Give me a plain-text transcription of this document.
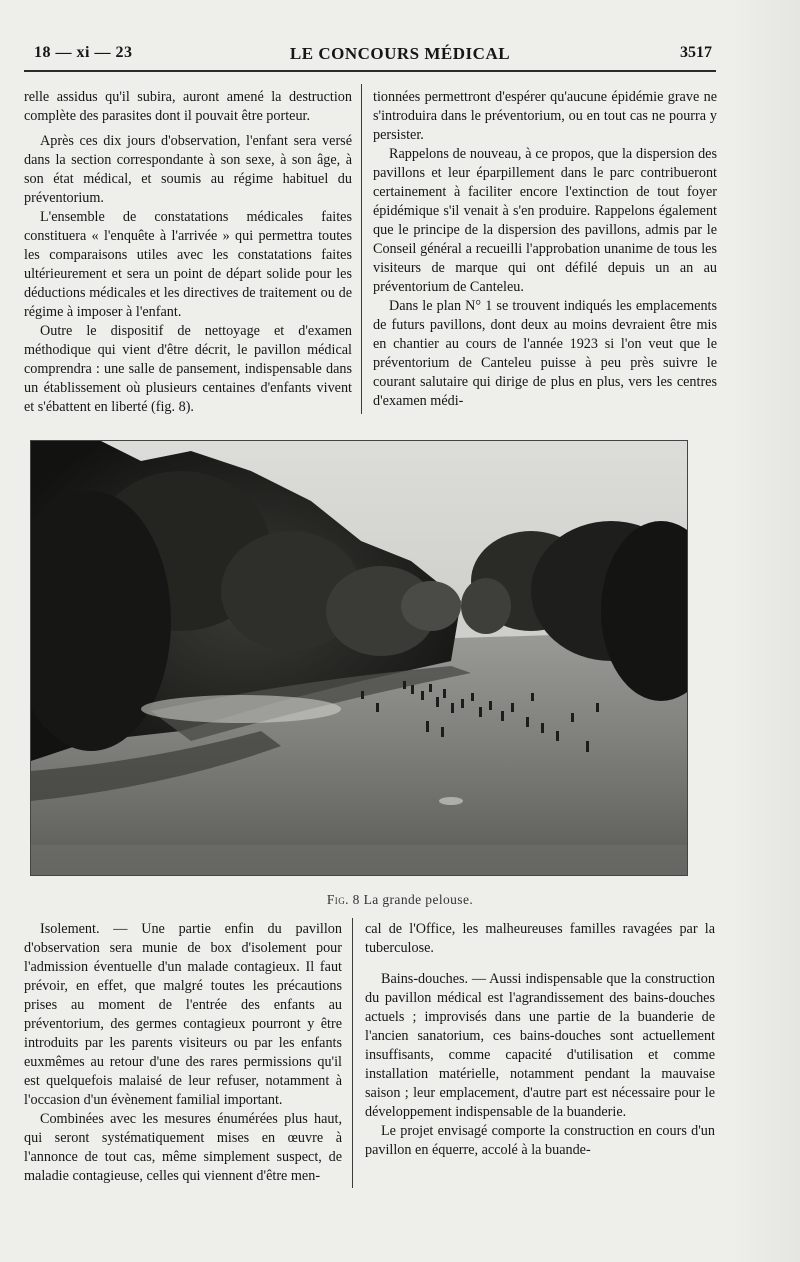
18 — xi — 23	LE CONCOURS MÉDICAL	3517

relle assidus qu'il subira, auront amené la destruction complète des parasites dont il pouvait être porteur.

Après ces dix jours d'observation, l'enfant sera versé dans la section correspondante à son sexe, à son âge, à son état médical, et soumis au régime habituel du préventorium.

L'ensemble de constatations médicales faites constituera « l'enquête à l'arrivée » qui permettra toutes les comparaisons utiles avec les constatations faites ultérieurement et sera un point de départ solide pour les déductions médicales et les directives de traitement ou de régime à imposer à l'enfant.

Outre le dispositif de nettoyage et d'examen méthodique qui vient d'être décrit, le pavillon médical comprendra : une salle de pansement, indispensable dans un établissement où plusieurs centaines d'enfants vivent et s'ébattent en liberté (fig. 8).

tionnées permettront d'espérer qu'aucune épidémie grave ne s'introduira dans le préventorium, ou en tout cas ne pourra y persister.

Rappelons de nouveau, à ce propos, que la dispersion des pavillons et leur éparpillement dans le parc contribueront certainement à faciliter encore l'extinction de tout foyer épidémique s'il venait à s'en produire. Rappelons également que le principe de la dispersion des pavillons, admis par le Conseil général a recueilli l'approbation unanime de tous les visiteurs de marque qui ont défilé depuis un an au préventorium de Canteleu.

Dans le plan N° 1 se trouvent indiqués les emplacements de futurs pavillons, dont deux au moins devraient être mis en chantier au cours de l'année 1923 si l'on veut que le préventorium de Canteleu puisse à peu près suivre le courant salutaire qui dirige de plus en plus, vers les centres d'examen médi-

Fig. 8 La grande pelouse.

Isolement. — Une partie enfin du pavillon d'observation sera munie de box d'isolement pour l'admission éventuelle d'un malade contagieux. Il faut prévoir, en effet, que malgré toutes les précautions prises au moment de l'entrée des enfants au préventorium, des germes contagieux pourront y être introduits par les parents visiteurs ou par les enfants euxmêmes au retour d'une des rares permissions qu'il est quelquefois malaisé de leur refuser, notamment à l'occasion d'un évènement familial important.

Combinées avec les mesures énumérées plus haut, qui seront systématiquement mises en œuvre à l'annonce de tout cas, même simplement suspect, de maladie contagieuse, celles qui viennent d'être men-

cal de l'Office, les malheureuses familles ravagées par la tuberculose.

Bains-douches. — Aussi indispensable que la construction du pavillon médical est l'agrandissement des bains-douches actuels ; improvisés dans une partie de la buanderie de l'ancien sanatorium, ces bains-douches sont actuellement insuffisants, comme capacité d'utilisation et comme installation matérielle, notamment pendant la mauvaise saison ; leur emplacement, d'autre part est nécessaire pour le développement indispensable de la buanderie.

Le projet envisagé comporte la construction en cours d'un pavillon en équerre, accolé à la buande-
